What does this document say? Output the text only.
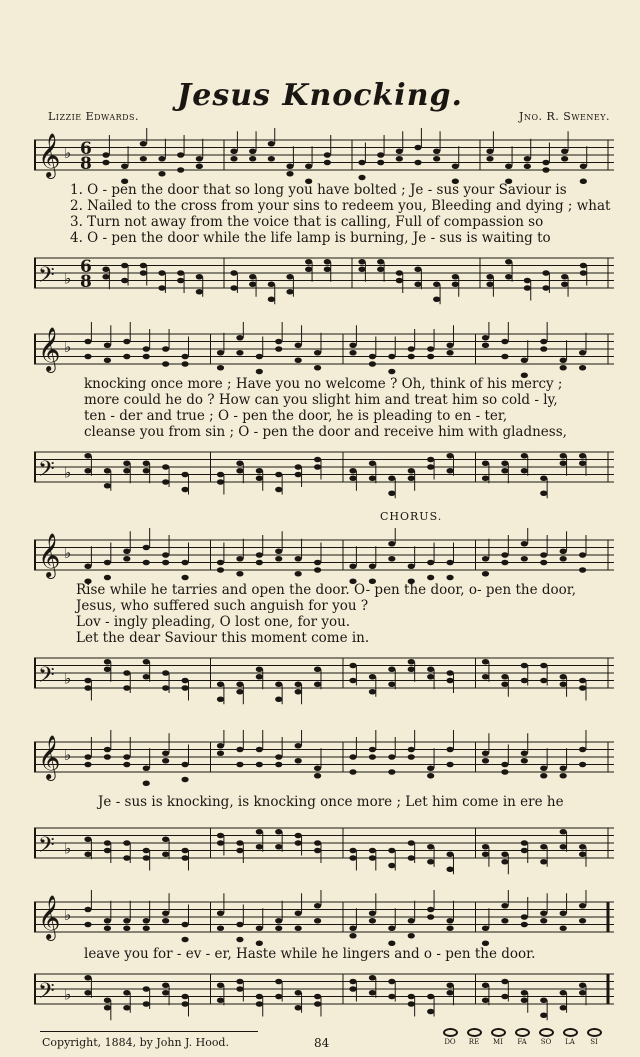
Jesus Knocking.
Lizzie Edwards.	Jno. R. Sweney.
𝄞 ♭ 6
8
1. O - pen the door that so long you have bolted ; Je - sus your Saviour is
2. Nailed to the cross from your sins to redeem you, Bleeding and dying ; what
3. Turn not away from the voice that is calling, Full of compassion so
4. O - pen the door while the life lamp is burning, Je - sus is waiting to
𝄢 ♭
6
8
𝄞 ♭
knocking once more ; Have you no welcome ? Oh, think of his mercy ;
more could he do ? How can you slight him and treat him so cold - ly,
ten - der and true ; O - pen the door, he is pleading to en - ter,
cleanse you from sin ; O - pen the door and receive him with gladness,
𝄢 ♭
CHORUS.
𝄞 ♭
Rise while he tarries and open the door. O- pen the door, o- pen the door,
Jesus, who suffered such anguish for you ?
Lov - ingly pleading, O lost one, for you.
Let the dear Saviour this moment come in.
𝄢 ♭
𝄞 ♭
Je - sus is knocking, is knocking once more ; Let him come in ere he
𝄢 ♭
𝄞 ♭
leave you for - ev - er, Haste while he lingers and o - pen the door.
𝄢 ♭
Copyright, 1884, by John J. Hood.	84	DO RE MI FA SO LA SI
